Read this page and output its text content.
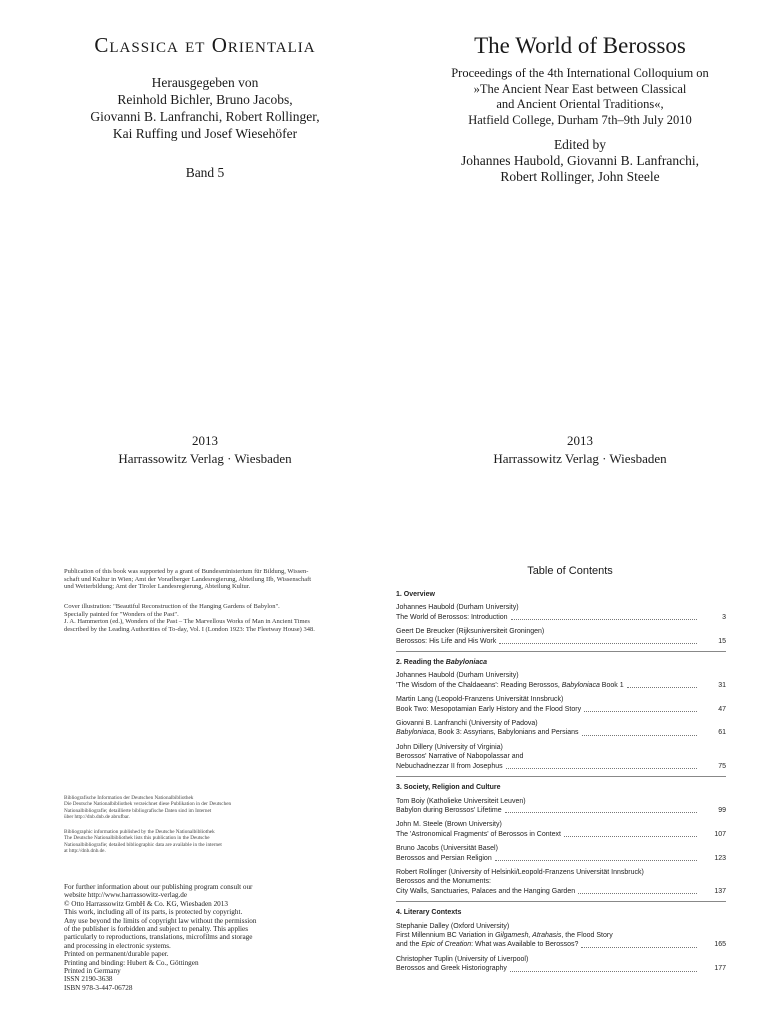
Classica et Orientalia
Herausgegeben von
Reinhold Bichler, Bruno Jacobs,
Giovanni B. Lanfranchi, Robert Rollinger,
Kai Ruffing und Josef Wiesehöfer
Band 5
2013
Harrassowitz Verlag · Wiesbaden
The World of Berossos
Proceedings of the 4th International Colloquium on
»The Ancient Near East between Classical
and Ancient Oriental Traditions«,
Hatfield College, Durham 7th–9th July 2010
Edited by
Johannes Haubold, Giovanni B. Lanfranchi,
Robert Rollinger, John Steele
2013
Harrassowitz Verlag · Wiesbaden
Publication of this book was supported by a grant of Bundesministerium für Bildung, Wissen-
schaft und Kultur in Wien; Amt der Vorarlberger Landesregierung, Abteilung IIb, Wissenschaft
und Weiterbildung; Amt der Tiroler Landesregierung, Abteilung Kultur.
Cover illustration: "Beautiful Reconstruction of the Hanging Gardens of Babylon".
Specially painted for "Wonders of the Past".
J. A. Hammerton (ed.), Wonders of the Past – The Marvellous Works of Man in Ancient Times
described by the Leading Authorities of To-day, Vol. I (London 1923: The Fleetway House) 348.
Bibliografische Information der Deutschen Nationalbibliothek
Die Deutsche Nationalbibliothek verzeichnet diese Publikation in der Deutschen
Nationalbibliografie; detaillierte bibliografische Daten sind im Internet
über http://dnb.dnb.de abrufbar.
Bibliographic information published by the Deutsche Nationalbibliothek
The Deutsche Nationalbibliothek lists this publication in the Deutsche
Nationalbibliografie; detailed bibliographic data are available in the internet
at http://dnb.dnb.de.
For further information about our publishing program consult our
website http://www.harrassowitz-verlag.de
© Otto Harrassowitz GmbH & Co. KG, Wiesbaden 2013
This work, including all of its parts, is protected by copyright.
Any use beyond the limits of copyright law without the permission
of the publisher is forbidden and subject to penalty. This applies
particularly to reproductions, translations, microfilms and storage
and processing in electronic systems.
Printed on permanent/durable paper.
Printing and binding: Hubert & Co., Göttingen
Printed in Germany
ISSN 2190-3638
ISBN 978-3-447-06728
Table of Contents
1. Overview
Johannes Haubold (Durham University)
The World of Berossos: Introduction	3
Geert De Breucker (Rijksuniversiteit Groningen)
Berossos: His Life and His Work	15
2. Reading the Babyloniaca
Johannes Haubold (Durham University)
'The Wisdom of the Chaldaeans': Reading Berossos, Babyloniaca Book 1	31
Martin Lang (Leopold-Franzens Universität Innsbruck)
Book Two: Mesopotamian Early History and the Flood Story	47
Giovanni B. Lanfranchi (University of Padova)
Babyloniaca, Book 3: Assyrians, Babylonians and Persians	61
John Dillery (University of Virginia)
Berossos' Narrative of Nabopolassar and
Nebuchadnezzar II from Josephus	75
3. Society, Religion and Culture
Tom Boiy (Katholieke Universiteit Leuven)
Babylon during Berossos' Lifetime	99
John M. Steele (Brown University)
The 'Astronomical Fragments' of Berossos in Context	107
Bruno Jacobs (Universität Basel)
Berossos and Persian Religion	123
Robert Rollinger (University of Helsinki/Leopold-Franzens Universität Innsbruck)
Berossos and the Monuments:
City Walls, Sanctuaries, Palaces and the Hanging Garden	137
4. Literary Contexts
Stephanie Dalley (Oxford University)
First Millennium BC Variation in Gilgamesh, Atrahasis, the Flood Story
and the Epic of Creation: What was Available to Berossos?	165
Christopher Tuplin (University of Liverpool)
Berossos and Greek Historiography	177
